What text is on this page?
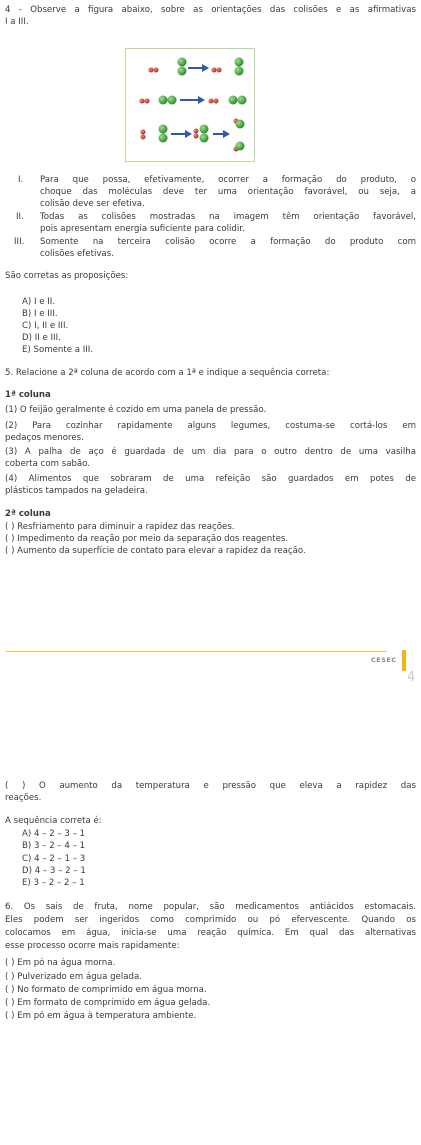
4 - Observe a figura abaixo, sobre as orientações das colisões e as afirmativas
I a III.
I.	Para que possa, efetivamente, ocorrer a formação do produto, o
choque das moléculas deve ter uma orientação favorável, ou seja, a
colisão deve ser efetiva.
II.	Todas as colisões mostradas na imagem têm orientação favorável,
pois apresentam energia suficiente para colidir.
III.	Somente na terceira colisão ocorre a formação do produto com
colisões efetivas.
São corretas as proposições:
A) I e II.
B) I e III.
C) I, II e III.
D) II e III.
E) Somente a III.
5. Relacione a 2ª coluna de acordo com a 1ª e indique a sequência correta:
1ª coluna
(1) O feijão geralmente é cozido em uma panela de pressão.
(2) Para cozinhar rapidamente alguns legumes, costuma-se cortá-los em
pedaços menores.
(3) A palha de aço é guardada de um dia para o outro dentro de uma vasilha
coberta com sabão.
(4) Alimentos que sobraram de uma refeição são guardados em potes de
plásticos tampados na geladeira.
2ª coluna
( ) Resfriamento para diminuir a rapidez das reações.
( ) Impedimento da reação por meio da separação dos reagentes.
( ) Aumento da superfície de contato para elevar a rapidez da reação.
CESEC
4
( ) O aumento da temperatura e pressão que eleva a rapidez das
reações.
A sequência correta é:
A) 4 – 2 – 3 – 1
B) 3 – 2 – 4 – 1
C) 4 – 2 – 1 – 3
D) 4 – 3 – 2 – 1
E) 3 – 2 – 2 – 1
6. Os sais de fruta, nome popular, são medicamentos antiácidos estomacais.
Eles podem ser ingeridos como comprimido ou pó efervescente. Quando os
colocamos em água, inicia-se uma reação química. Em qual das alternativas
esse processo ocorre mais rapidamente:
( ) Em pó na água morna.
( ) Pulverizado em água gelada.
( ) No formato de comprimido em água morna.
( ) Em formato de comprimido em água gelada.
( ) Em pó em água à temperatura ambiente.
